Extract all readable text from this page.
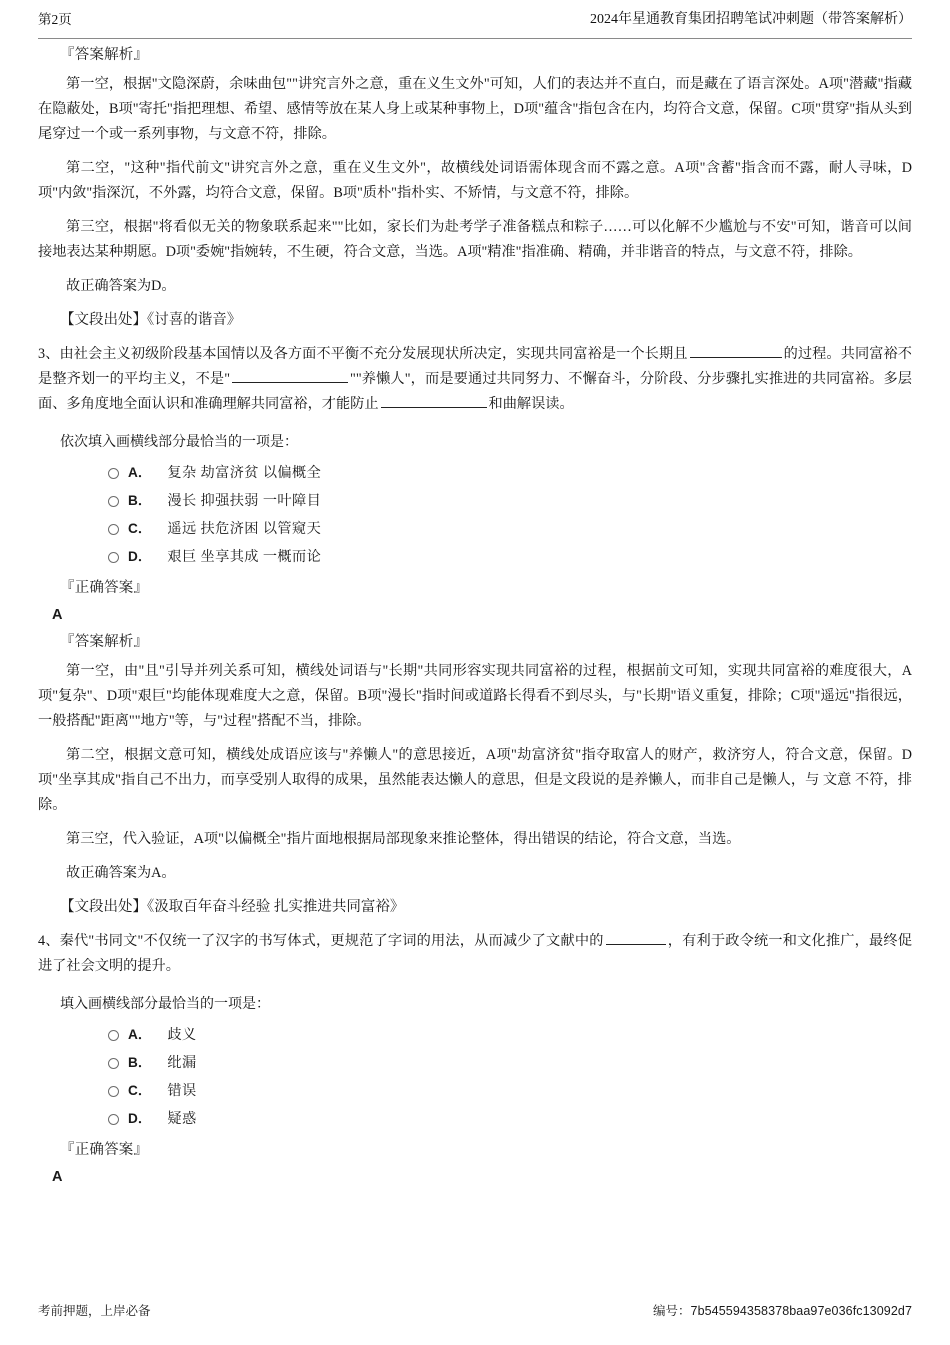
第2页	2024年星通教育集团招聘笔试冲刺题（带答案解析）
『答案解析』
第一空，根据"文隐深蔚，余味曲包""讲究言外之意，重在义生文外"可知，人们的表达并不直白，而是藏在了语言深处。A项"潜藏"指藏在隐蔽处，B项"寄托"指把理想、希望、感情等放在某人身上或某种事物上，D项"蕴含"指包含在内，均符合文意，保留。C项"贯穿"指从头到尾穿过一个或一系列事物，与文意不符，排除。
第二空，"这种"指代前文"讲究言外之意，重在义生文外"，故横线处词语需体现含而不露之意。A项"含蓄"指含而不露，耐人寻味，D项"内敛"指深沉，不外露，均符合文意，保留。B项"质朴"指朴实、不矫情，与文意不符，排除。
第三空，根据"将看似无关的物象联系起来""比如，家长们为赴考学子准备糕点和粽子……可以化解不少尴尬与不安"可知，谐音可以间接地表达某种期愿。D项"委婉"指婉转，不生硬，符合文意，当选。A项"精准"指准确、精确，并非谐音的特点，与文意不符，排除。
故正确答案为D。
【文段出处】《讨喜的谐音》
3、由社会主义初级阶段基本国情以及各方面不平衡不充分发展现状所决定，实现共同富裕是一个长期且	的过程。共同富裕不是整齐划一的平均主义，不是"	""养懒人"，而是要通过共同努力、不懈奋斗，分阶段、分步骤扎实推进的共同富裕。多层面、多角度地全面认识和准确理解共同富裕，才能防止	和曲解误读。
依次填入画横线部分最恰当的一项是：
A． 复杂 劫富济贫 以偏概全
B． 漫长 抑强扶弱 一叶障目
C． 遥远 扶危济困 以管窥天
D． 艰巨 坐享其成 一概而论
『正确答案』
A
『答案解析』
第一空，由"且"引导并列关系可知，横线处词语与"长期"共同形容实现共同富裕的过程，根据前文可知，实现共同富裕的难度很大，A项"复杂"、D项"艰巨"均能体现难度大之意，保留。B项"漫长"指时间或道路长得看不到尽头，与"长期"语义重复，排除；C项"遥远"指很远，一般搭配"距离""地方"等，与"过程"搭配不当，排除。
第二空，根据文意可知，横线处成语应该与"养懒人"的意思接近，A项"劫富济贫"指夺取富人的财产，救济穷人，符合文意，保留。D项"坐享其成"指自己不出力，而享受别人取得的成果，虽然能表达懒人的意思，但是文段说的是养懒人，而非自己是懒人，与 文意 不符，排除。
第三空，代入验证，A项"以偏概全"指片面地根据局部现象来推论整体，得出错误的结论，符合文意，当选。
故正确答案为A。
【文段出处】《汲取百年奋斗经验 扎实推进共同富裕》
4、秦代"书同文"不仅统一了汉字的书写体式，更规范了字词的用法，从而减少了文献中的	，有利于政令统一和文化推广，最终促进了社会文明的提升。
填入画横线部分最恰当的一项是：
A． 歧义
B． 纰漏
C． 错误
D． 疑惑
『正确答案』
A
考前押题，上岸必备	编号：7b545594358378baa97e036fc13092d7
